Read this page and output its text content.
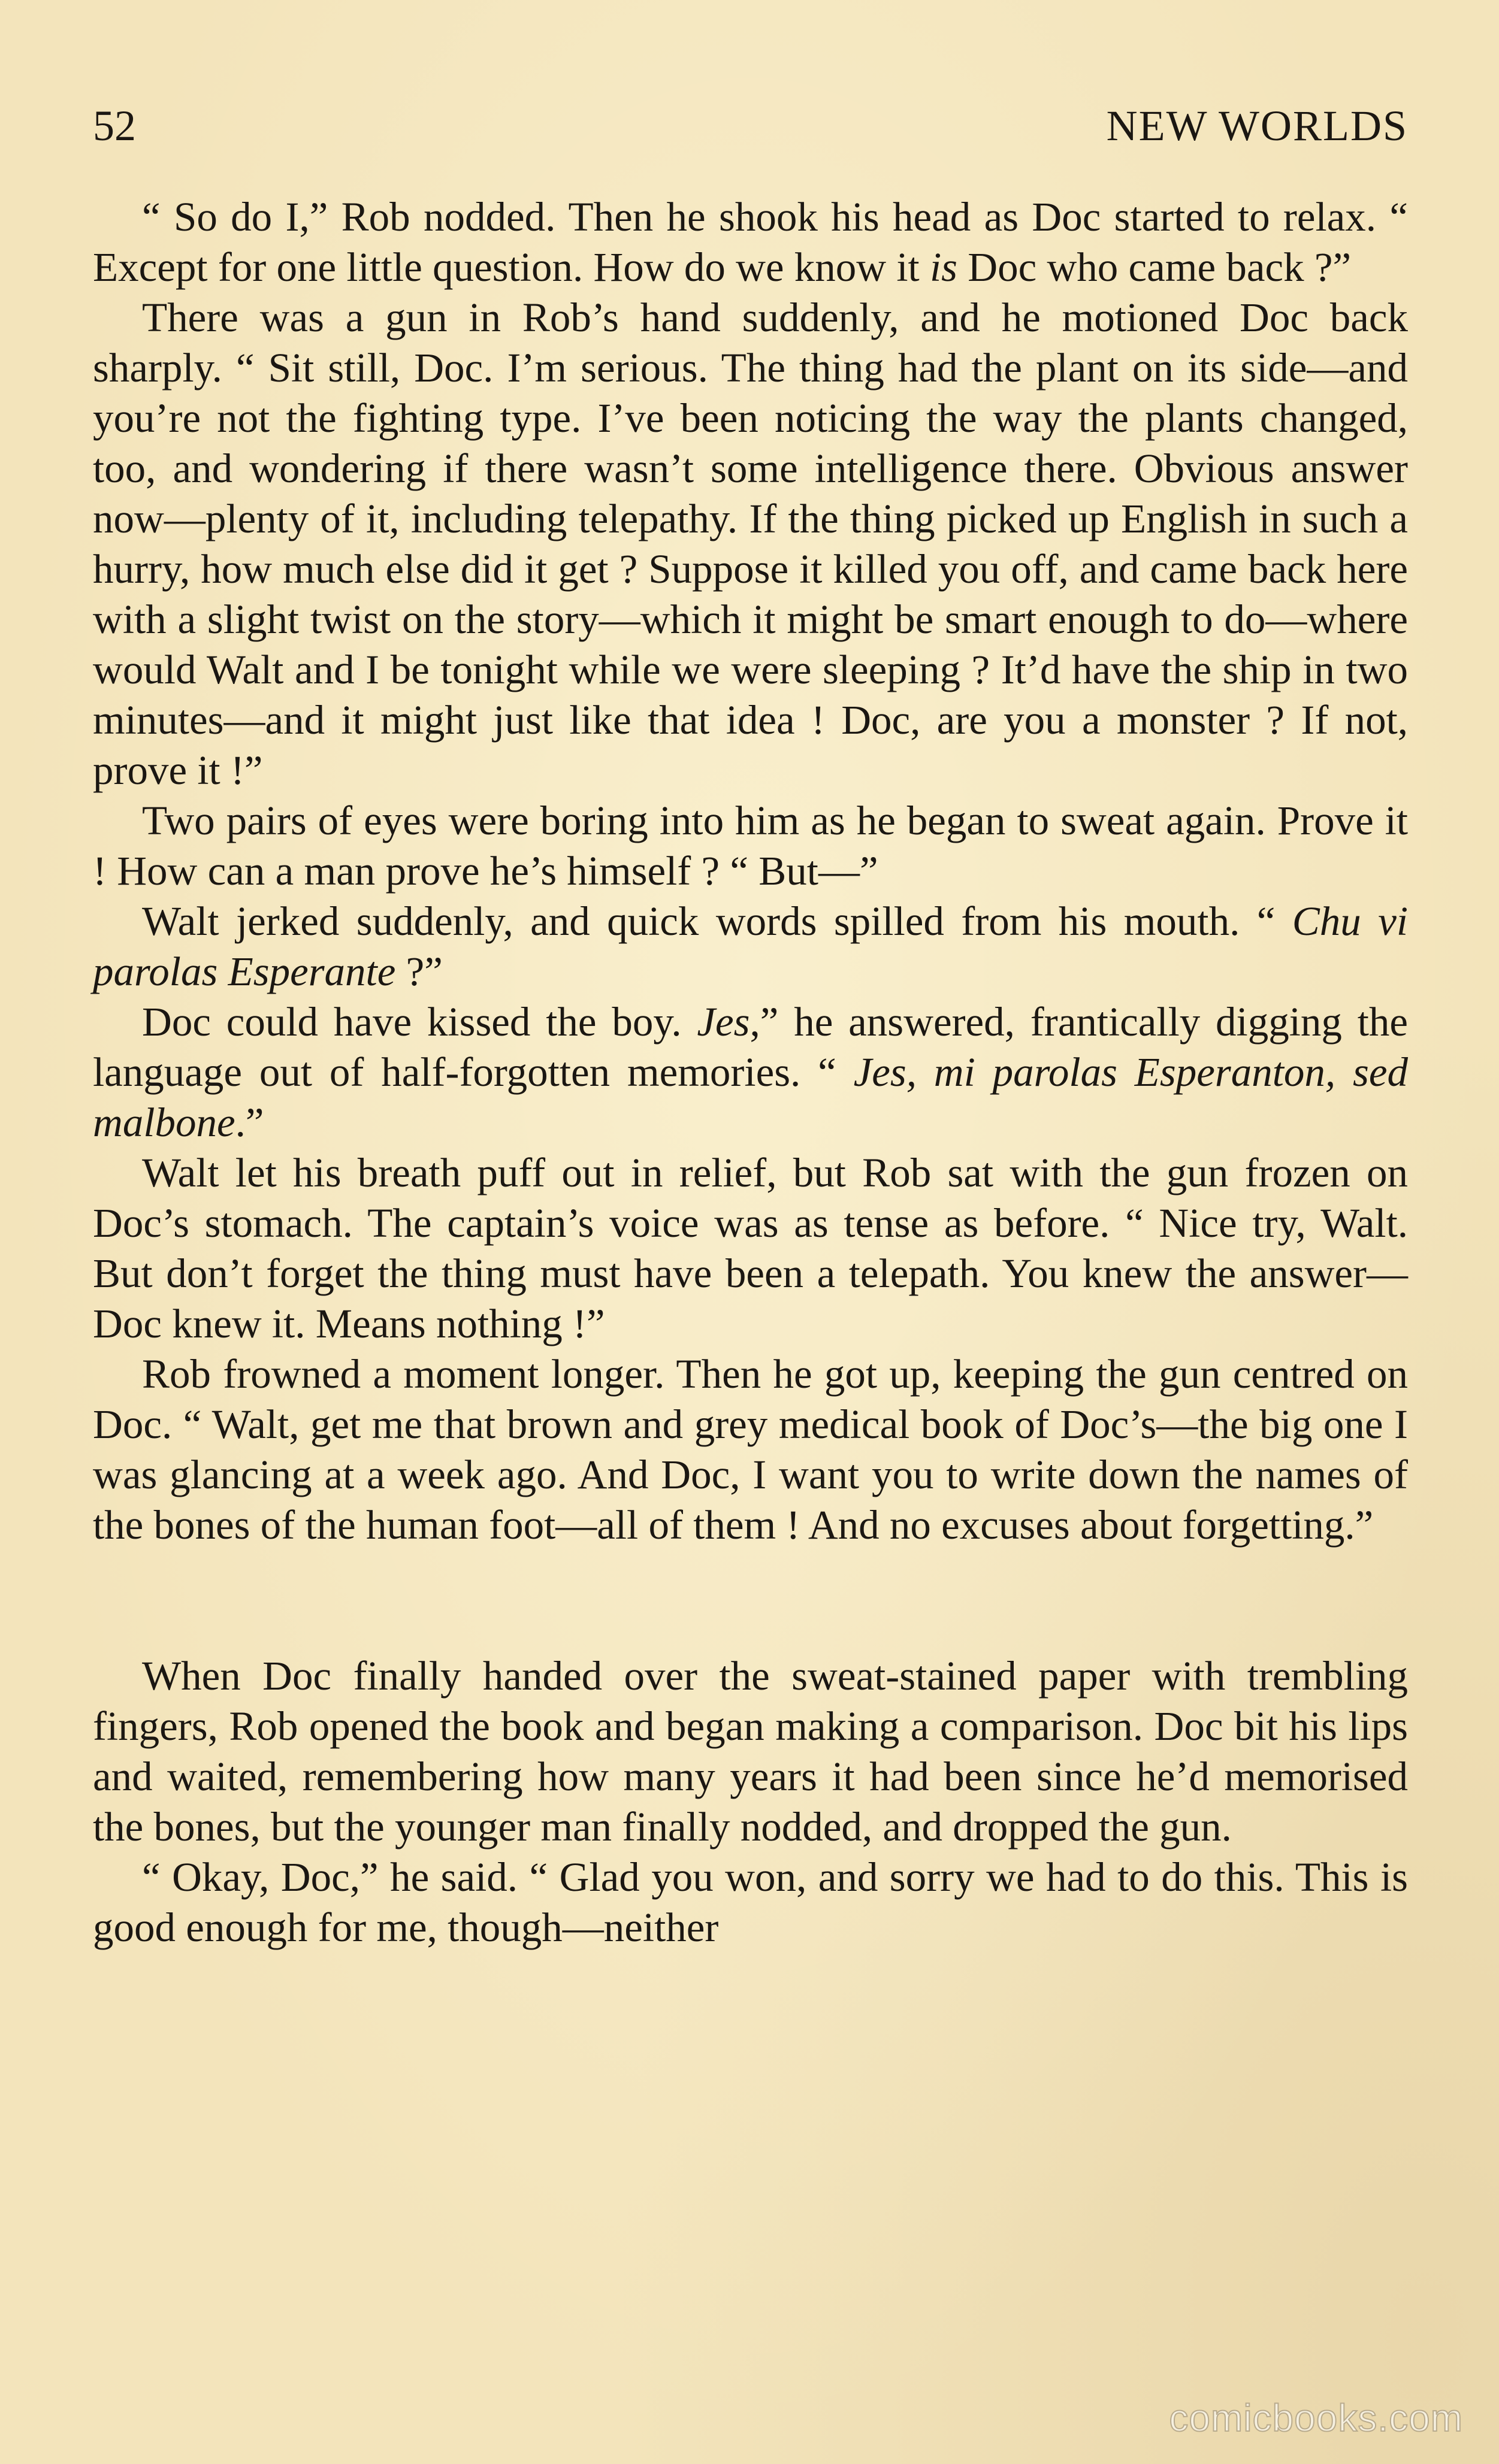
52	NEW WORLDS

“ So do I,” Rob nodded. Then he shook his head as Doc started to relax. “ Except for one little question. How do we know it is Doc who came back ?”

There was a gun in Rob’s hand suddenly, and he motioned Doc back sharply. “ Sit still, Doc. I’m serious. The thing had the plant on its side—and you’re not the fighting type. I’ve been noticing the way the plants changed, too, and wondering if there wasn’t some intelligence there. Obvious answer now—plenty of it, including telepathy. If the thing picked up English in such a hurry, how much else did it get ? Suppose it killed you off, and came back here with a slight twist on the story—which it might be smart enough to do—where would Walt and I be tonight while we were sleeping ? It’d have the ship in two minutes—and it might just like that idea ! Doc, are you a monster ? If not, prove it !”

Two pairs of eyes were boring into him as he began to sweat again. Prove it ! How can a man prove he’s himself ? “ But—”

Walt jerked suddenly, and quick words spilled from his mouth. “ Chu vi parolas Esperante ?”

Doc could have kissed the boy. Jes,” he answered, frantically digging the language out of half-forgotten memories. “ Jes, mi parolas Esperanton, sed malbone.”

Walt let his breath puff out in relief, but Rob sat with the gun frozen on Doc’s stomach. The captain’s voice was as tense as before. “ Nice try, Walt. But don’t forget the thing must have been a telepath. You knew the answer—Doc knew it. Means nothing !”

Rob frowned a moment longer. Then he got up, keeping the gun centred on Doc. “ Walt, get me that brown and grey medical book of Doc’s—the big one I was glancing at a week ago. And Doc, I want you to write down the names of the bones of the human foot—all of them ! And no excuses about forgetting.”

When Doc finally handed over the sweat-stained paper with trembling fingers, Rob opened the book and began making a comparison. Doc bit his lips and waited, remembering how many years it had been since he’d memorised the bones, but the younger man finally nodded, and dropped the gun.

“ Okay, Doc,” he said. “ Glad you won, and sorry we had to do this. This is good enough for me, though—neither

comicbooks.com
